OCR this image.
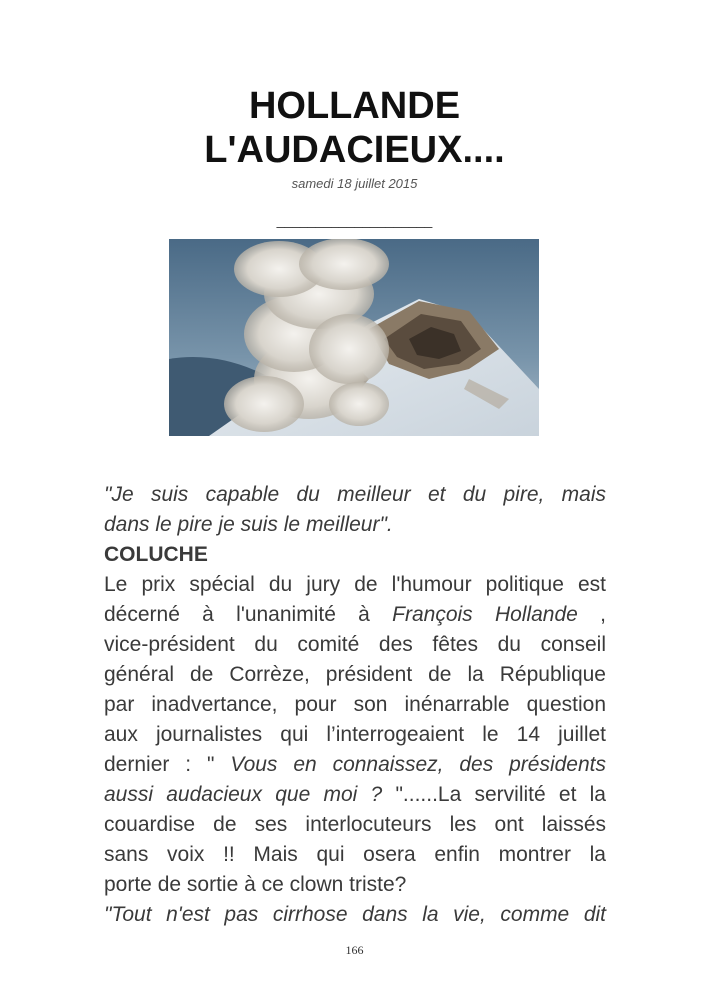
HOLLANDE
L'AUDACIEUX....
samedi 18 juillet 2015
____________________

"Je suis capable du meilleur et du pire, mais

dans le pire je suis le meilleur".

COLUCHE

Le prix spécial du jury de l'humour politique est

décerné à l'unanimité à François Hollande ,

vice-président du comité des fêtes du conseil

général de Corrèze, président de la République

par inadvertance, pour son inénarrable question

aux journalistes qui l’interrogeaient le 14 juillet

dernier : " Vous en connaissez, des présidents

aussi audacieux que moi ? "......La servilité et la

couardise de ses interlocuteurs les ont laissés

sans voix !! Mais qui osera enfin montrer la

porte de sortie à ce clown triste?

"Tout n'est pas cirrhose dans la vie, comme dit

166
